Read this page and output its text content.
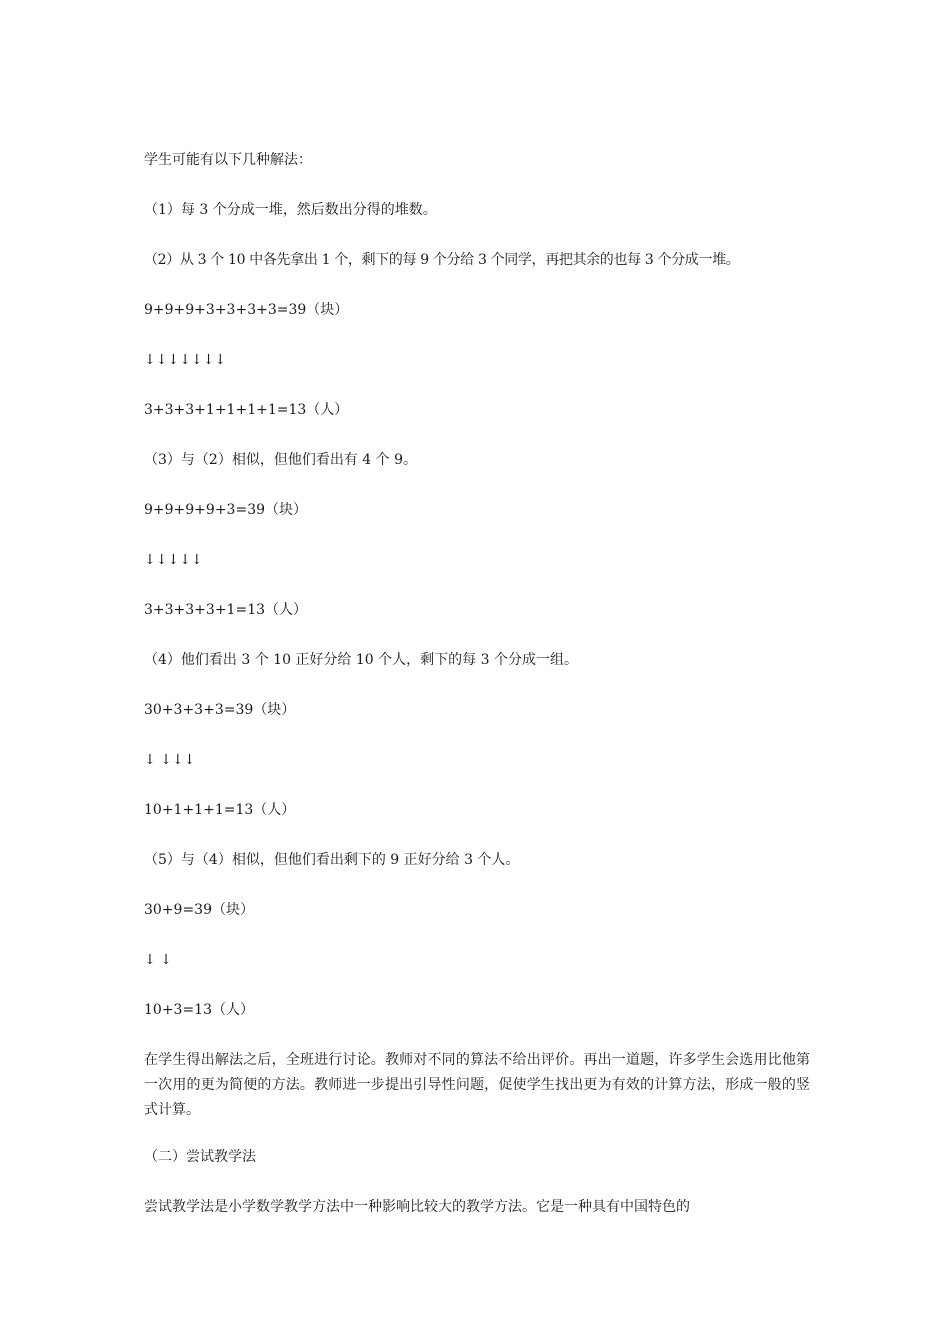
学生可能有以下几种解法：

（1）每 3 个分成一堆，然后数出分得的堆数。

（2）从 3 个 10 中各先拿出 1 个，剩下的每 9 个分给 3 个同学，再把其余的也每 3 个分成一堆。

9+9+9+3+3+3+3=39（块）

↓↓↓↓↓↓↓

3+3+3+1+1+1+1=13（人）

（3）与（2）相似，但他们看出有 4 个 9。

9+9+9+9+3=39（块）

↓↓↓↓↓

3+3+3+3+1=13（人）

（4）他们看出 3 个 10 正好分给 10 个人，剩下的每 3 个分成一组。

30+3+3+3=39（块）

↓ ↓↓↓

10+1+1+1=13（人）

（5）与（4）相似，但他们看出剩下的 9 正好分给 3 个人。

30+9=39（块）

↓ ↓

10+3=13（人）

在学生得出解法之后，全班进行讨论。教师对不同的算法不给出评价。再出一道题，许多学生会选用比他第一次用的更为简便的方法。教师进一步提出引导性问题，促使学生找出更为有效的计算方法，形成一般的竖式计算。

（二）尝试教学法

尝试教学法是小学数学教学方法中一种影响比较大的教学方法。它是一种具有中国特色的
